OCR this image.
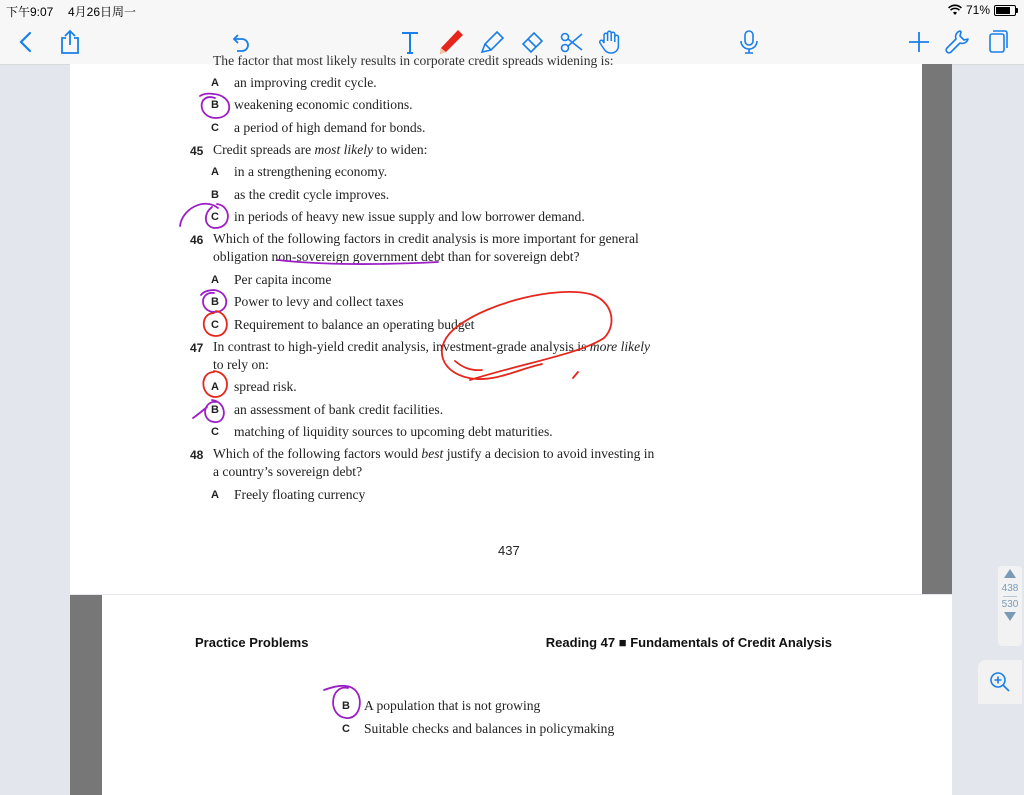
下午9:07 4月26日周一	71%
The factor that most likely results in corporate credit spreads widening is:
A an improving credit cycle.
B weakening economic conditions.
C a period of high demand for bonds.
45 Credit spreads are most likely to widen:
A in a strengthening economy.
B as the credit cycle improves.
C in periods of heavy new issue supply and low borrower demand.
46 Which of the following factors in credit analysis is more important for general
obligation non-sovereign government debt than for sovereign debt?
A Per capita income
B Power to levy and collect taxes
C Requirement to balance an operating budget
47 In contrast to high-yield credit analysis, investment-grade analysis is more likely
to rely on:
A spread risk.
B an assessment of bank credit facilities.
C matching of liquidity sources to upcoming debt maturities.
48 Which of the following factors would best justify a decision to avoid investing in
a country’s sovereign debt?
A Freely floating currency
437
Practice Problems	Reading 47 ■ Fundamentals of Credit Analysis
B A population that is not growing
C Suitable checks and balances in policymaking
438
530
